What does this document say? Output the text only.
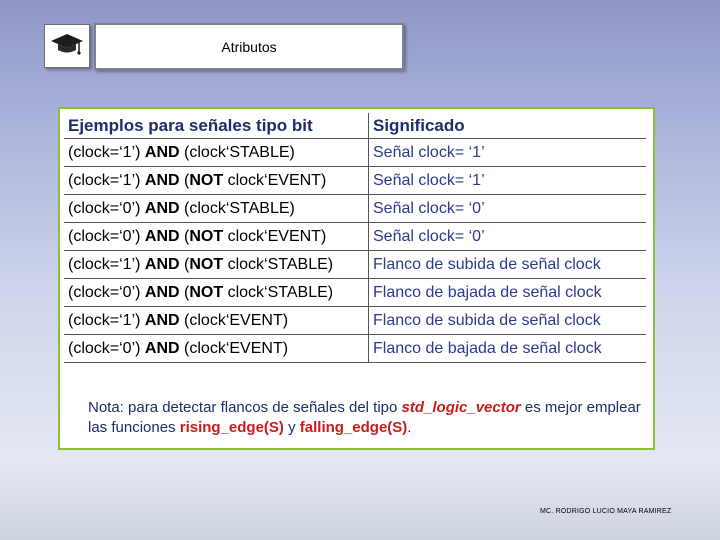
Atributos
Ejemplos para señales tipo bit	Significado
(clock=‘1’) AND (clock‘STABLE)	Señal clock= ‘1’
(clock=‘1’) AND (NOT clock‘EVENT)	Señal clock= ‘1’
(clock=‘0’) AND (clock‘STABLE)	Señal clock= ‘0’
(clock=‘0’) AND (NOT clock‘EVENT)	Señal clock= ‘0’
(clock=‘1’) AND (NOT clock‘STABLE)	Flanco de subida de señal clock
(clock=‘0’) AND (NOT clock‘STABLE)	Flanco de bajada de señal clock
(clock=‘1’) AND (clock‘EVENT)	Flanco de subida de señal clock
(clock=‘0’) AND (clock‘EVENT)	Flanco de bajada de señal clock
Nota: para detectar flancos de señales del tipo std_logic_vector es mejor emplear las funciones rising_edge(S) y falling_edge(S).
MC. RODRIGO LUCIO MAYA RAMIREZ
